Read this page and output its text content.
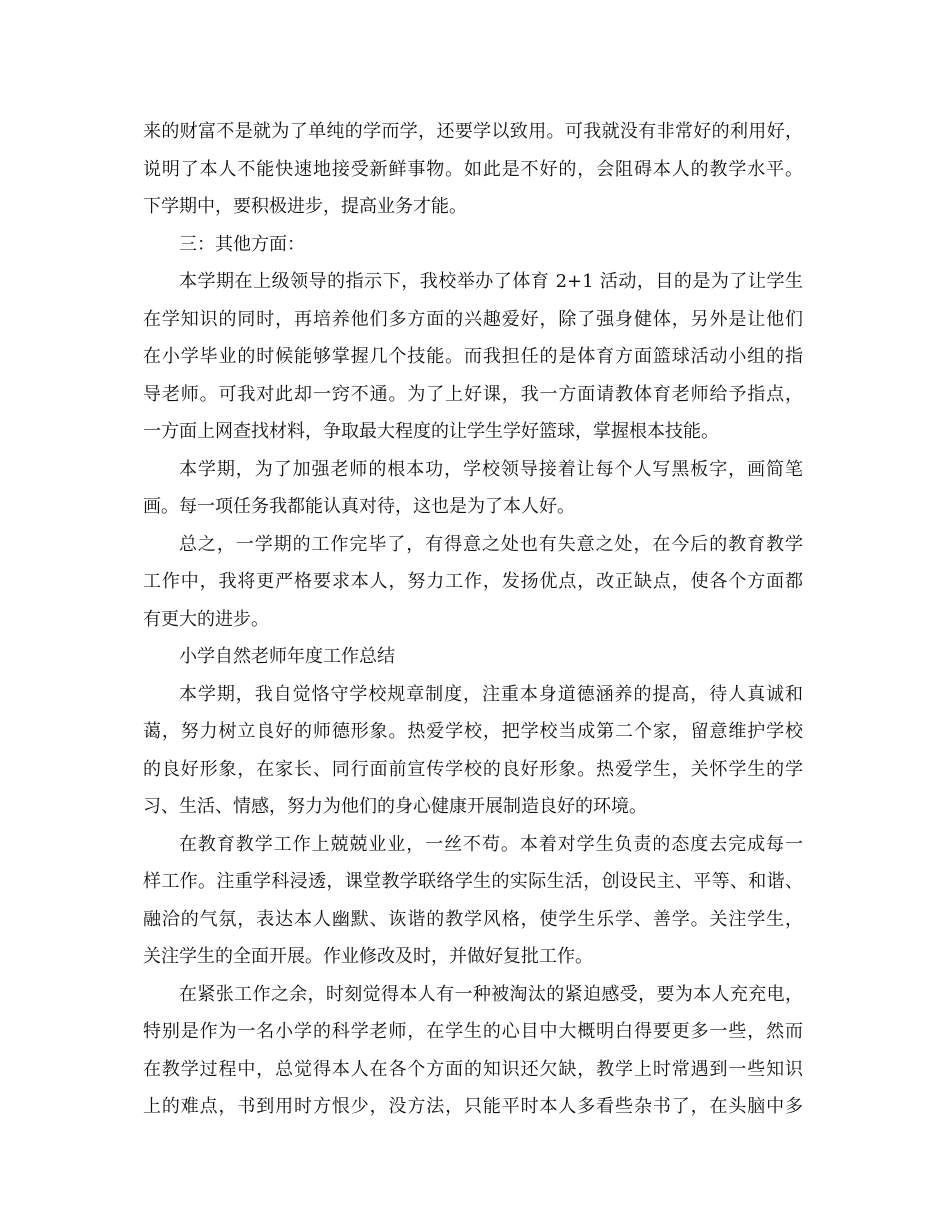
来的财富不是就为了单纯的学而学，还要学以致用。可我就没有非常好的利用好，
说明了本人不能快速地接受新鲜事物。如此是不好的，会阻碍本人的教学水平。
下学期中，要积极进步，提高业务才能。
三：其他方面：
本学期在上级领导的指示下，我校举办了体育 2+1 活动，目的是为了让学生
在学知识的同时，再培养他们多方面的兴趣爱好，除了强身健体，另外是让他们
在小学毕业的时候能够掌握几个技能。而我担任的是体育方面篮球活动小组的指
导老师。可我对此却一窍不通。为了上好课，我一方面请教体育老师给予指点，
一方面上网查找材料，争取最大程度的让学生学好篮球，掌握根本技能。
本学期，为了加强老师的根本功，学校领导接着让每个人写黑板字，画简笔
画。每一项任务我都能认真对待，这也是为了本人好。
总之，一学期的工作完毕了，有得意之处也有失意之处，在今后的教育教学
工作中，我将更严格要求本人，努力工作，发扬优点，改正缺点，使各个方面都
有更大的进步。
小学自然老师年度工作总结
本学期，我自觉恪守学校规章制度，注重本身道德涵养的提高，待人真诚和
蔼，努力树立良好的师德形象。热爱学校，把学校当成第二个家，留意维护学校
的良好形象，在家长、同行面前宣传学校的良好形象。热爱学生，关怀学生的学
习、生活、情感，努力为他们的身心健康开展制造良好的环境。
在教育教学工作上兢兢业业，一丝不苟。本着对学生负责的态度去完成每一
样工作。注重学科浸透，课堂教学联络学生的实际生活，创设民主、平等、和谐、
融洽的气氛，表达本人幽默、诙谐的教学风格，使学生乐学、善学。关注学生，
关注学生的全面开展。作业修改及时，并做好复批工作。
在紧张工作之余，时刻觉得本人有一种被淘汰的紧迫感受，要为本人充充电，
特别是作为一名小学的科学老师，在学生的心目中大概明白得要更多一些，然而
在教学过程中，总觉得本人在各个方面的知识还欠缺，教学上时常遇到一些知识
上的难点，书到用时方恨少，没方法，只能平时本人多看些杂书了，在头脑中多
